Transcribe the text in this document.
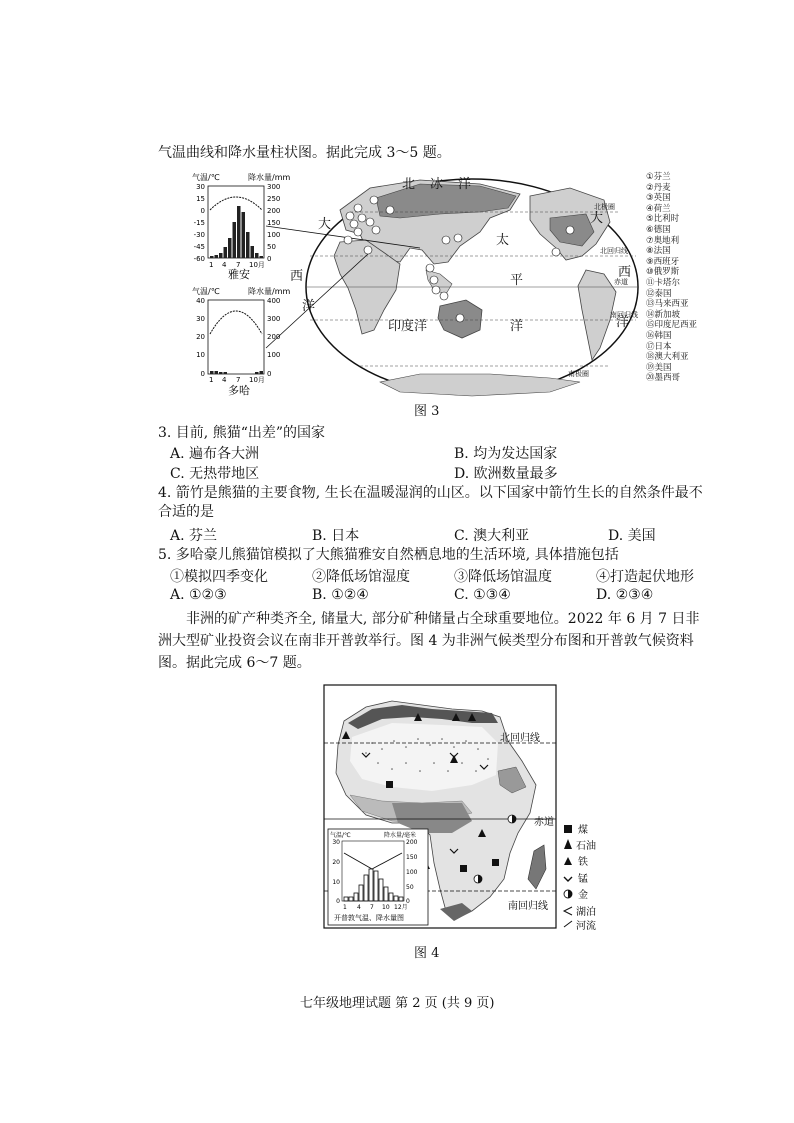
气温曲线和降水量柱状图。据此完成 3～5 题。
气温/℃	降水量/mm
30
15
0
-15
-30
-45
-60
300
250
200
150
100
50
0
1 4 7 10月
雅安
气温/℃	降水量/mm
40
30
20
10
0
400
300
200
100
0
1 4 7 10月
多哈
北 冰 洋
大
西
洋
太
平
洋
大
西
洋
印度洋
北极圈
北回归线
赤道
南回归线
南极圈
①芬兰
②丹麦
③英国
④荷兰
⑤比利时
⑥德国
⑦奥地利
⑧法国
⑨西班牙
⑩俄罗斯
⑪卡塔尔
⑫泰国
⑬马来西亚
⑭新加坡
⑮印度尼西亚
⑯韩国
⑰日本
⑱澳大利亚
⑲美国
⑳墨西哥
图 3
3. 目前, 熊猫“出差”的国家
A. 遍布各大洲	B. 均为发达国家
C. 无热带地区	D. 欧洲数量最多
4. 箭竹是熊猫的主要食物, 生长在温暖湿润的山区。以下国家中箭竹生长的自然条件最不
合适的是
A. 芬兰	B. 日本	C. 澳大利亚	D. 美国
5. 多哈豪儿熊猫馆模拟了大熊猫雅安自然栖息地的生活环境, 具体措施包括
①模拟四季变化	②降低场馆湿度	③降低场馆温度	④打造起伏地形
A. ①②③	B. ①②④	C. ①③④	D. ②③④
非洲的矿产种类齐全, 储量大, 部分矿种储量占全球重要地位。2022 年 6 月 7 日非
洲大型矿业投资会议在南非开普敦举行。图 4 为非洲气候类型分布图和开普敦气候资料
图。据此完成 6～7 题。
北回归线
赤道
南回归线
气温/℃	降水量/毫米
30
20
10
0
200
150
100
50
0
1 4 7 10 12月
开普敦气温、降水量图
煤
石油
铁
锰
金
湖泊
河流
图 4
七年级地理试题 第 2 页 (共 9 页)
